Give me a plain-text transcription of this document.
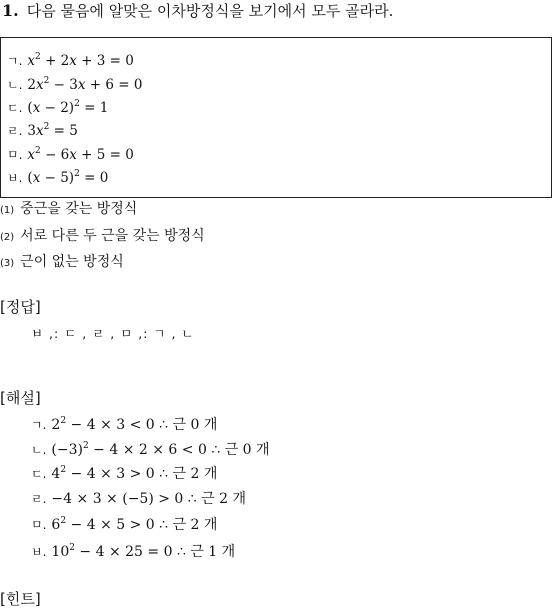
1. 다음 물음에 알맞은 이차방정식을 보기에서 모두 골라라.
ㄱ. $x^2 + 2x + 3 = 0$
ㄴ. $2x^2 - 3x + 6 = 0$
ㄷ. $(x - 2)^2 = 1$
ㄹ. $3x^2 = 5$
ㅁ. $x^2 - 6x + 5 = 0$
ㅂ. $(x - 5)^2 = 0$
(1) 중근을 갖는 방정식
(2) 서로 다른 두 근을 갖는 방정식
(3) 근이 없는 방정식
[정답]
ㅂ ,: ㄷ , ㄹ , ㅁ ,: ㄱ , ㄴ
[해설]
ㄱ. $2^2 - 4 \times 3 < 0$ ∴ 근 0 개
ㄴ. $(-3)^2 - 4 \times 2 \times 6 < 0$ ∴ 근 0 개
ㄷ. $4^2 - 4 \times 3 > 0$ ∴ 근 2 개
ㄹ. −4 × 3 × (−5) > 0 ∴ 근 2 개
ㅁ. $6^2 - 4 \times 5 > 0$ ∴ 근 2 개
ㅂ. $10^2 - 4 \times 25 = 0$ ∴ 근 1 개
[힌트]
